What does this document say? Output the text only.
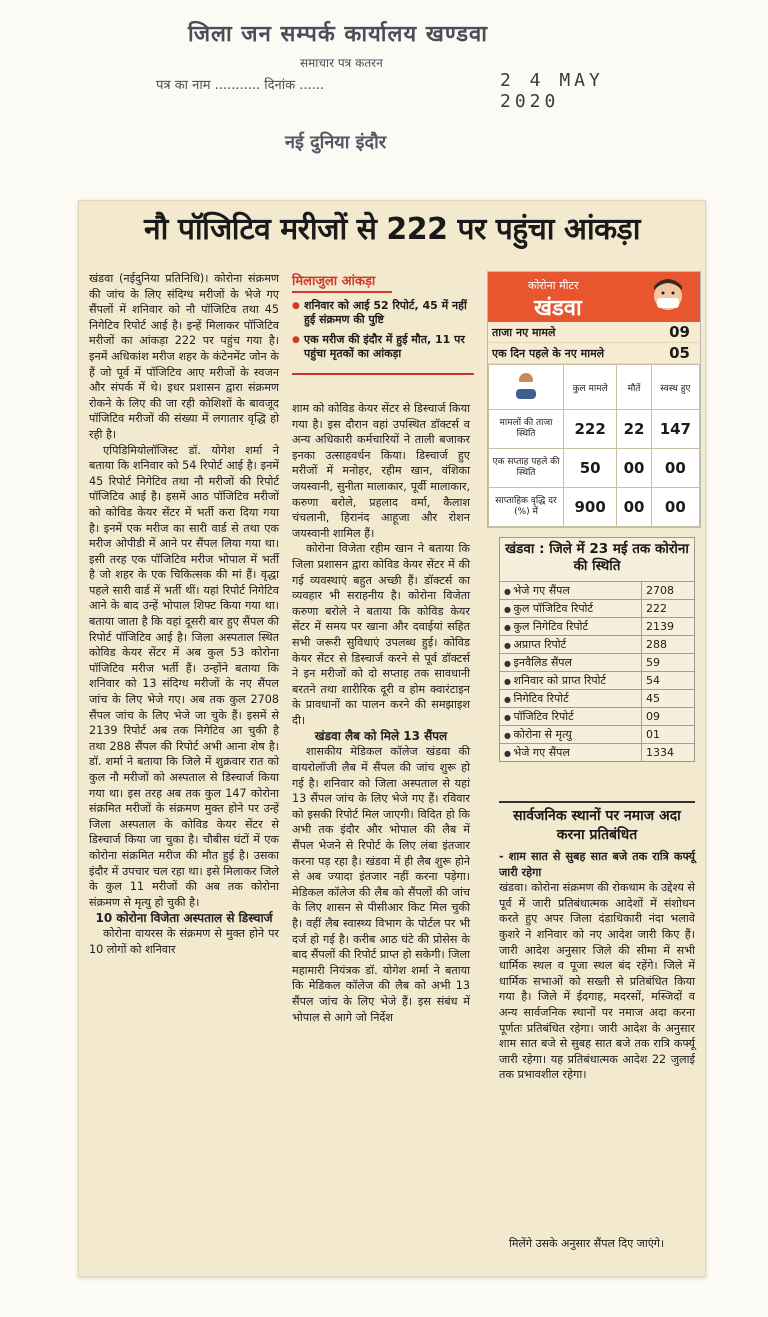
जिला जन सम्पर्क कार्यालय खण्डवा
समाचार पत्र कतरन
पत्र का नाम ........... दिनांक ......	2 4 MAY 2020
नई दुनिया इंदौर
नौ पॉजिटिव मरीजों से 222 पर पहुंचा आंकड़ा

खंडवा (नईदुनिया प्रतिनिधि)। कोरोना संक्रमण की जांच के लिए संदिग्ध मरीजों के भेजे गए सैंपलों में शनिवार को नौ पॉजिटिव तथा 45 निगेटिव रिपोर्ट आई है। इन्हें मिलाकर पॉजिटिव मरीजों का आंकड़ा 222 पर पहुंच गया है। इनमें अधिकांश मरीज शहर के कंटेनमेंट जोन के हैं जो पूर्व में पॉजिटिव आए मरीजों के स्वजन और संपर्क में थे। इधर प्रशासन द्वारा संक्रमण रोकने के लिए की जा रही कोशिशों के बावजूद पॉजिटिव मरीजों की संख्या में लगातार वृद्धि हो रही है।

एपिडिमियोलॉजिस्ट डॉ. योगेश शर्मा ने बताया कि शनिवार को 54 रिपोर्ट आई है। इनमें 45 रिपोर्ट निगेटिव तथा नौ मरीजों की रिपोर्ट पॉजिटिव आई है। इसमें आठ पॉजिटिव मरीजों को कोविड केयर सेंटर में भर्ती करा दिया गया है। इनमें एक मरीज का सारी वार्ड से तथा एक मरीज ओपीडी में आने पर सैंपल लिया गया था। इसी तरह एक पॉजिटिव मरीज भोपाल में भर्ती है जो शहर के एक चिकित्सक की मां हैं। वृद्धा पहले सारी वार्ड में भर्ती थीं। यहां रिपोर्ट निगेटिव आने के बाद उन्हें भोपाल शिफ्ट किया गया था। बताया जाता है कि वहां दूसरी बार हुए सैंपल की रिपोर्ट पॉजिटिव आई है। जिला अस्पताल स्थित कोविड केयर सेंटर में अब कुल 53 कोरोना पॉजिटिव मरीज भर्ती हैं। उन्होंने बताया कि शनिवार को 13 संदिग्ध मरीजों के नए सैंपल जांच के लिए भेजे गए। अब तक कुल 2708 सैंपल जांच के लिए भेजे जा चुके हैं। इसमें से 2139 रिपोर्ट अब तक निगेटिव आ चुकी है तथा 288 सैंपल की रिपोर्ट अभी आना शेष है। डॉ. शर्मा ने बताया कि जिले में शुक्रवार रात को कुल नौ मरीजों को अस्पताल से डिस्चार्ज किया गया था। इस तरह अब तक कुल 147 कोरोना संक्रमित मरीजों के संक्रमण मुक्त होने पर उन्हें जिला अस्पताल के कोविड केयर सेंटर से डिस्चार्ज किया जा चुका है। चौबीस घंटों में एक कोरोना संक्रमित मरीज की मौत हुई है। उसका इंदौर में उपचार चल रहा था। इसे मिलाकर जिले के कुल 11 मरीजों की अब तक कोरोना संक्रमण से मृत्यु हो चुकी है।

10 कोरोना विजेता अस्पताल से डिस्चार्ज

कोरोना वायरस के संक्रमण से मुक्त होने पर 10 लोगों को शनिवार

मिलाजुला आंकड़ा
● शनिवार को आई 52 रिपोर्ट, 45 में नहीं हुई संक्रमण की पुष्टि
● एक मरीज की इंदौर में हुई मौत, 11 पर पहुंचा मृतकों का आंकड़ा

शाम को कोविड केयर सेंटर से डिस्चार्ज किया गया है। इस दौरान वहां उपस्थित डॉक्टर्स व अन्य अधिकारी कर्मचारियों ने ताली बजाकर इनका उत्साहवर्धन किया। डिस्चार्ज हुए मरीजों में मनोहर, रहीम खान, वंशिका जयस्वानी, सुनीता मालाकार, पूर्वी मालाकार, करुणा बरोले, प्रहलाद वर्मा, कैलाश चंचलानी, हिरानंद आहूजा और रोशन जयस्वानी शामिल हैं।

कोरोना विजेता रहीम खान ने बताया कि जिला प्रशासन द्वारा कोविड केयर सेंटर में की गई व्यवस्थाएं बहुत अच्छी हैं। डॉक्टर्स का व्यवहार भी सराहनीय है। कोरोना विजेता करुणा बरोले ने बताया कि कोविड केयर सेंटर में समय पर खाना और दवाईयां सहित सभी जरूरी सुविधाएं उपलब्ध हुई। कोविड केयर सेंटर से डिस्चार्ज करने से पूर्व डॉक्टर्स ने इन मरीजों को दो सप्ताह तक सावधानी बरतने तथा शारीरिक दूरी व होम क्वारंटाइन के प्रावधानों का पालन करने की समझाइश दी।

खंडवा लैब को मिले 13 सैंपल

शासकीय मेडिकल कॉलेज खंडवा की वायरोलॉजी लैब में सैंपल की जांच शुरू हो गई है। शनिवार को जिला अस्पताल से यहां 13 सैंपल जांच के लिए भेजे गए हैं। रविवार को इसकी रिपोर्ट मिल जाएगी। विदित हो कि अभी तक इंदौर और भोपाल की लैब में सैंपल भेजने से रिपोर्ट के लिए लंबा इंतजार करना पड़ रहा है। खंडवा में ही लैब शुरू होने से अब ज्यादा इंतजार नहीं करना पड़ेगा। मेडिकल कॉलेज की लैब को सैंपलों की जांच के लिए शासन से पीसीआर किट मिल चुकी है। वहीं लैब स्वास्थ्य विभाग के पोर्टल पर भी दर्ज हो गई है। करीब आठ घंटे की प्रोसेस के बाद सैंपलों की रिपोर्ट प्राप्त हो सकेगी। जिला महामारी नियंत्रक डॉ. योगेश शर्मा ने बताया कि मेडिकल कॉलेज की लैब को अभी 13 सैंपल जांच के लिए भेजे हैं। इस संबंध में भोपाल से आगे जो निर्देश

कोरोना मीटर
खंडवा
ताजा नए मामले	09
एक दिन पहले के नए मामले	05
	कुल मामले	मौतें	स्वस्थ हुए
मामलों की ताजा स्थिति	222	22	147
एक सप्ताह पहले की स्थिति	50	00	00
साप्ताहिक वृद्धि दर (%) में	900	00	00
खंडवा : जिले में 23 मई तक कोरोना की स्थिति
● भेजे गए सैंपल	2708
● कुल पॉजिटिव रिपोर्ट	222
● कुल निगेटिव रिपोर्ट	2139
● अप्राप्त रिपोर्ट	288
● इनवैलिड सैंपल	59
● शनिवार को प्राप्त रिपोर्ट	54
● निगेटिव रिपोर्ट	45
● पॉजिटिव रिपोर्ट	09
● कोरोना से मृत्यु	01
● भेजे गए सैंपल	1334
सार्वजनिक स्थानों पर नमाज अदा करना प्रतिबंधित

- शाम सात से सुबह सात बजे तक रात्रि कर्फ्यू जारी रहेगा

खंडवा। कोरोना संक्रमण की रोकथाम के उद्देश्य से पूर्व में जारी प्रतिबंधात्मक आदेशों में संशोधन करते हुए अपर जिला दंडाधिकारी नंदा भलावे कुशरे ने शनिवार को नए आदेश जारी किए हैं। जारी आदेश अनुसार जिले की सीमा में सभी धार्मिक स्थल व पूजा स्थल बंद रहेंगे। जिले में धार्मिक सभाओं को सख्ती से प्रतिबंधित किया गया है। जिले में ईदगाह, मदरसों, मस्जिदों व अन्य सार्वजनिक स्थानों पर नमाज अदा करना पूर्णतः प्रतिबंधित रहेगा। जारी आदेश के अनुसार शाम सात बजे से सुबह सात बजे तक रात्रि कर्फ्यू जारी रहेगा। यह प्रतिबंधात्मक आदेश 22 जुलाई तक प्रभावशील रहेगा।

मिलेंगे उसके अनुसार सैंपल दिए जाएंगे।
